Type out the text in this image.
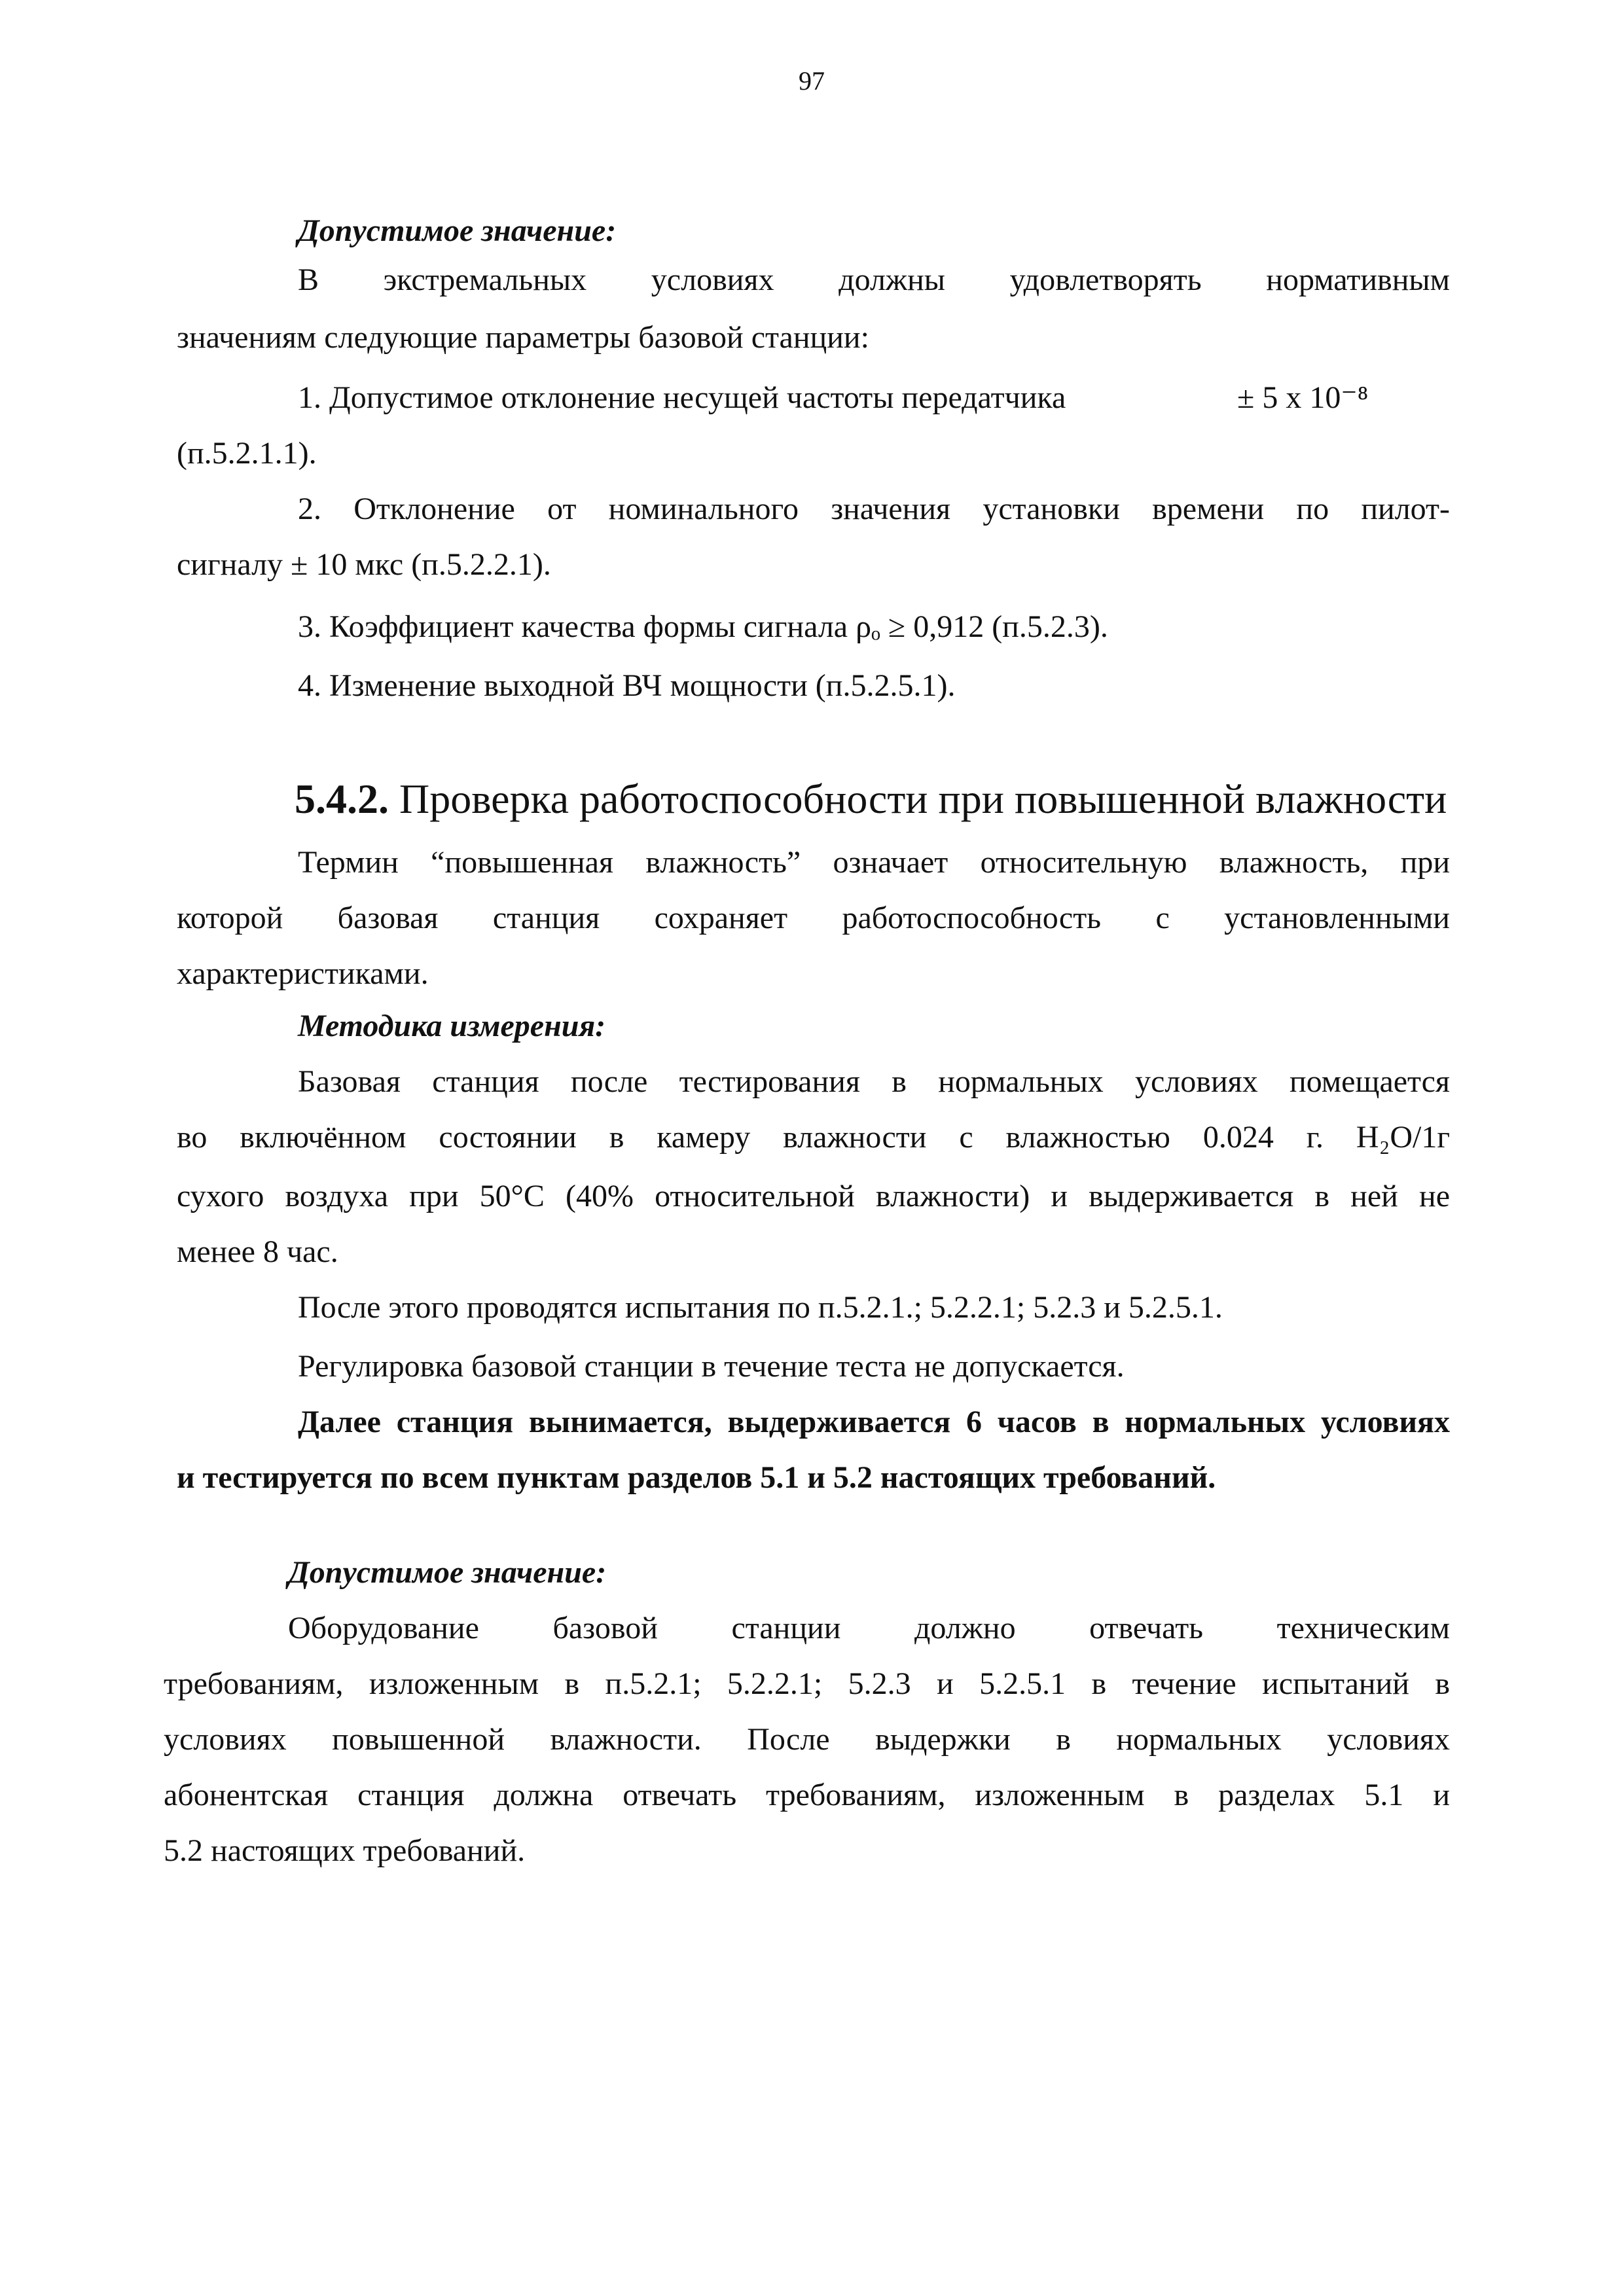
97
Допустимое значение:
В экстремальных условиях должны удовлетворять нормативным
значениям следующие параметры базовой станции:
1. Допустимое отклонение несущей частоты передатчика	± 5 х 10⁻⁸
(п.5.2.1.1).
2. Отклонение от номинального значения установки времени по пилот-
сигналу ± 10 мкс (п.5.2.2.1).
3. Коэффициент качества формы сигнала ρₒ ≥ 0,912 (п.5.2.3).
4. Изменение выходной ВЧ мощности (п.5.2.5.1).
5.4.2. Проверка работоспособности при повышенной влажности
Термин “повышенная влажность” означает относительную влажность, при
которой базовая станция сохраняет работоспособность с установленными
характеристиками.
Методика измерения:
Базовая станция после тестирования в нормальных условиях помещается
во включённом состоянии в камеру влажности с влажностью 0.024 г. H₂O/1г
сухого воздуха при 50°С (40% относительной влажности) и выдерживается в ней не
менее 8 час.
После этого проводятся испытания по п.5.2.1.; 5.2.2.1; 5.2.3 и 5.2.5.1.
Регулировка базовой станции в течение теста не допускается.
Далее станция вынимается, выдерживается 6 часов в нормальных условиях
и тестируется по всем пунктам разделов 5.1 и 5.2 настоящих требований.
Допустимое значение:
Оборудование базовой станции должно отвечать техническим
требованиям, изложенным в п.5.2.1; 5.2.2.1; 5.2.3 и 5.2.5.1 в течение испытаний в
условиях повышенной влажности. После выдержки в нормальных условиях
абонентская станция должна отвечать требованиям, изложенным в разделах 5.1 и
5.2 настоящих требований.
